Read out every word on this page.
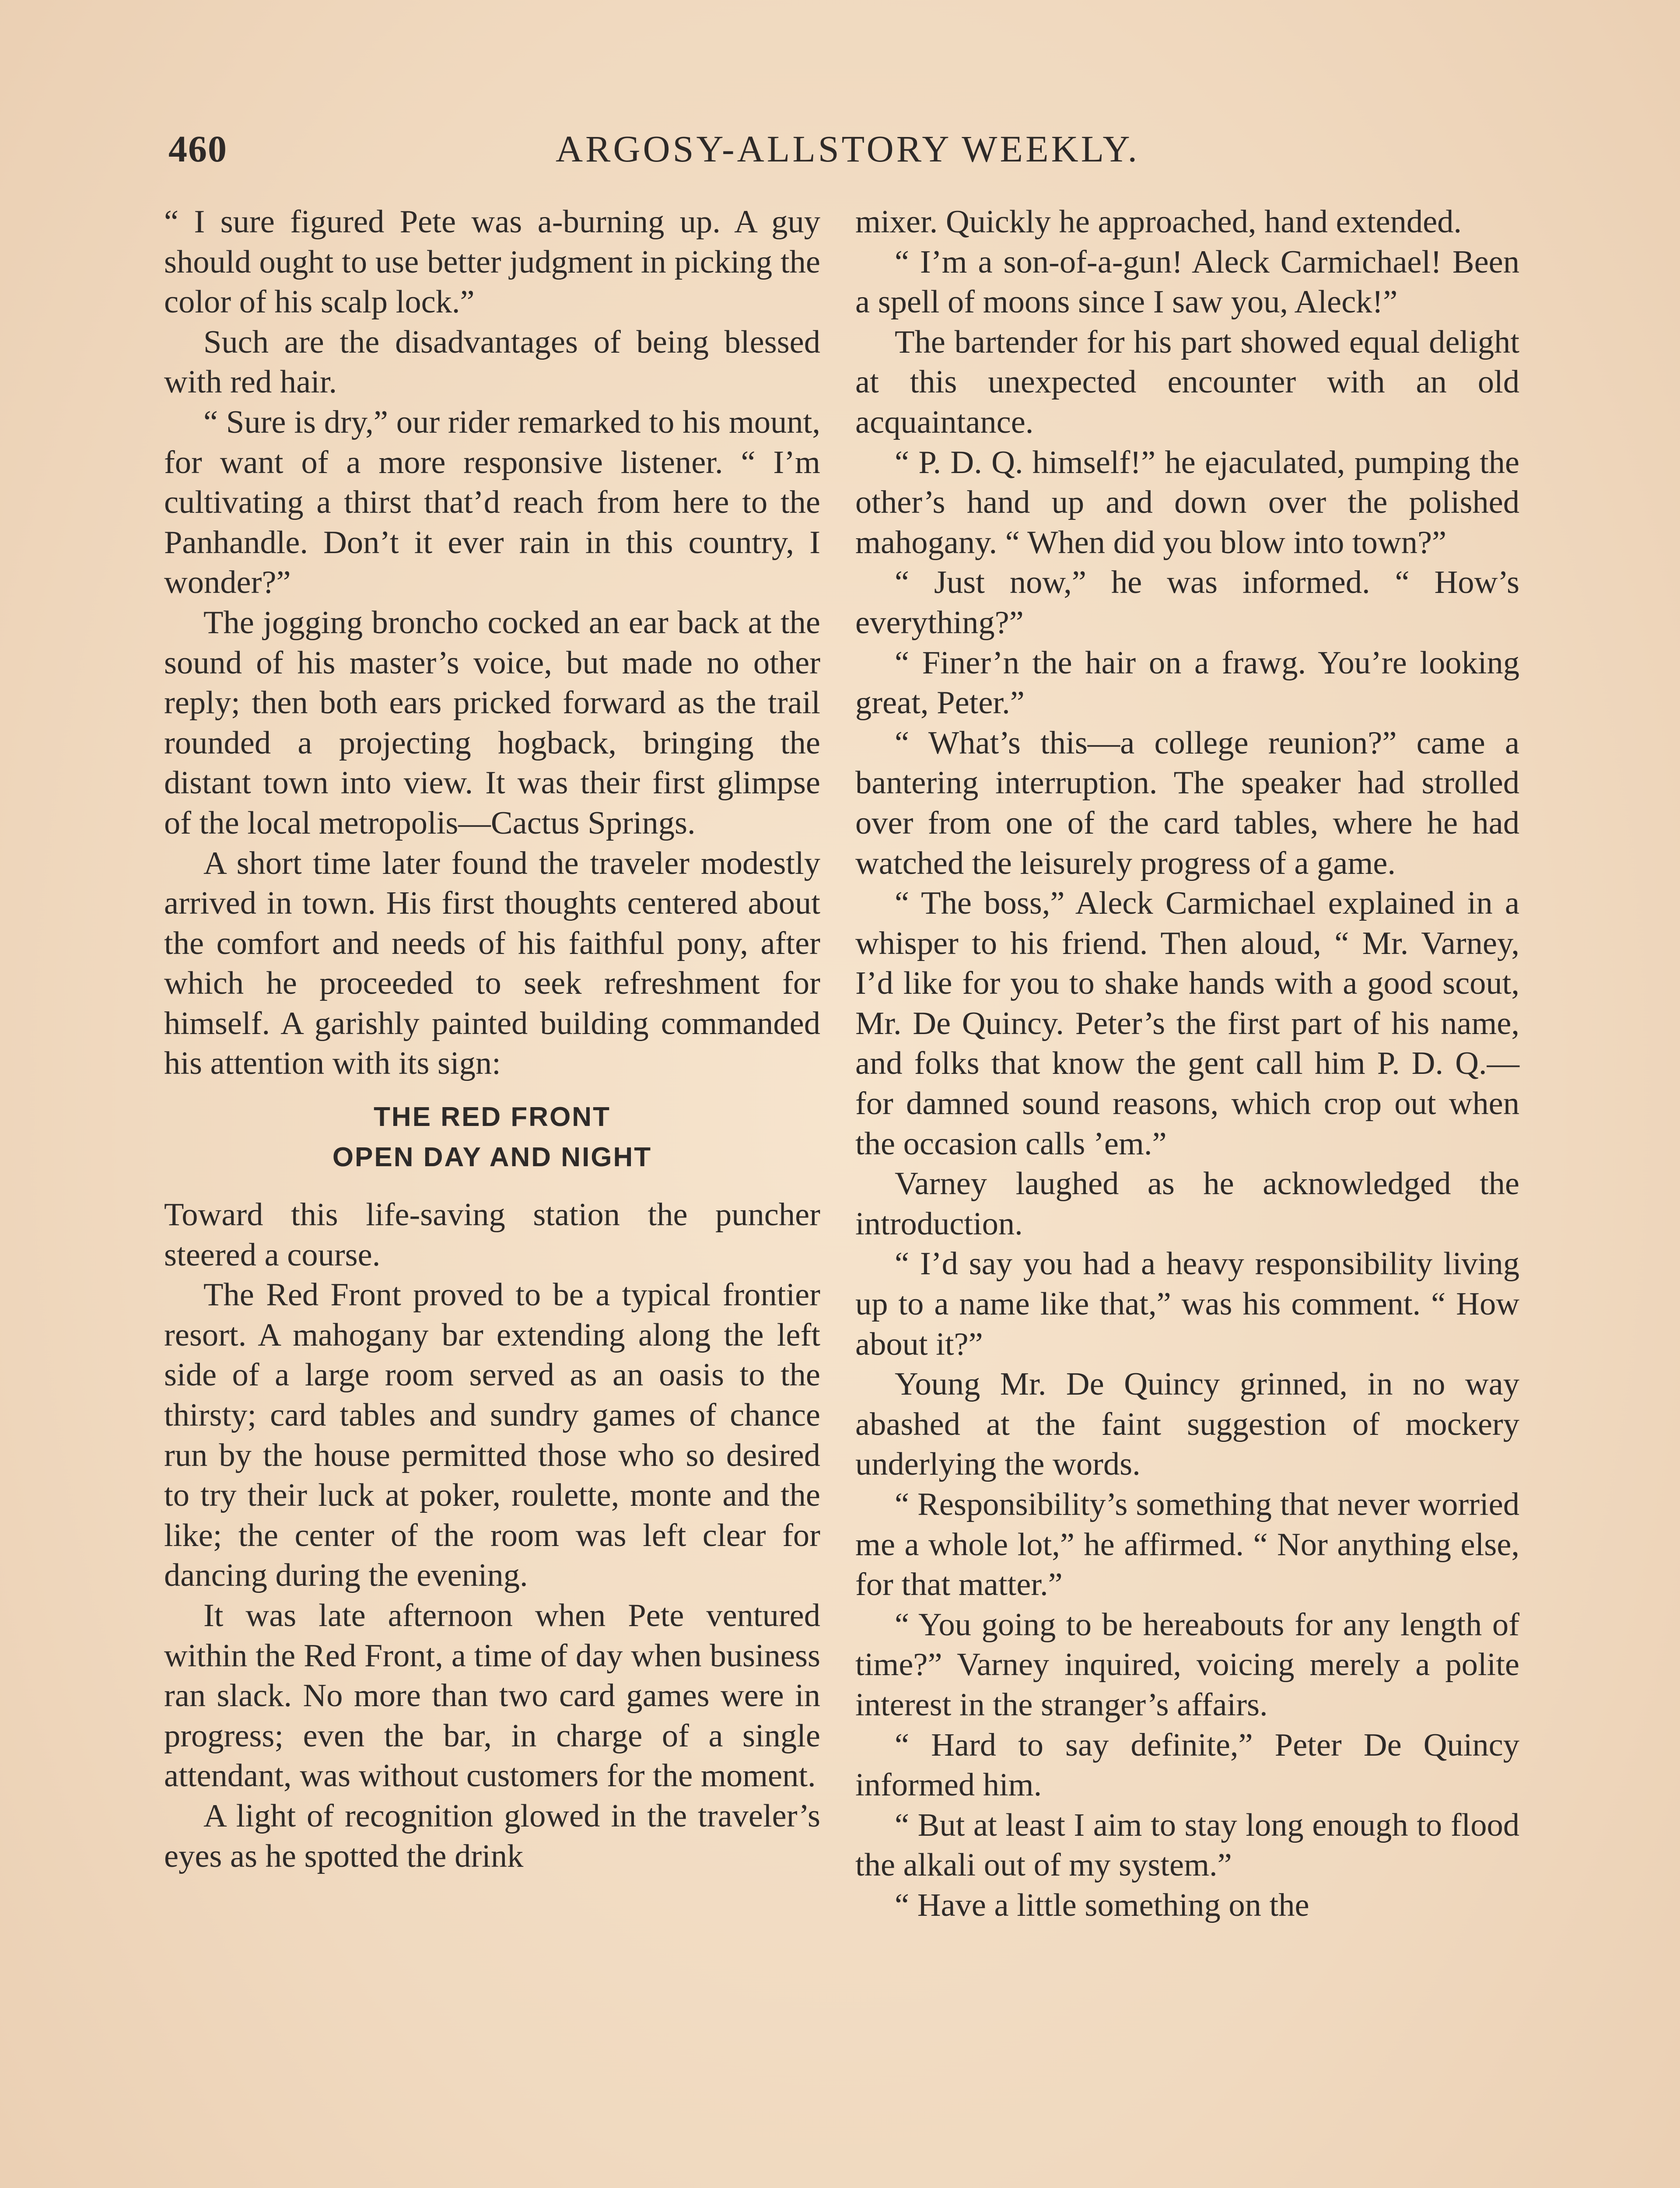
460	ARGOSY-ALLSTORY WEEKLY.

“ I sure figured Pete was a-burning up. A guy should ought to use better judgment in picking the color of his scalp lock.”

Such are the disadvantages of being blessed with red hair.

“ Sure is dry,” our rider remarked to his mount, for want of a more responsive listener. “ I’m cultivating a thirst that’d reach from here to the Panhandle. Don’t it ever rain in this country, I wonder?”

The jogging broncho cocked an ear back at the sound of his master’s voice, but made no other reply; then both ears pricked forward as the trail rounded a projecting hogback, bringing the distant town into view. It was their first glimpse of the local metropolis—Cactus Springs.

A short time later found the traveler modestly arrived in town. His first thoughts centered about the comfort and needs of his faithful pony, after which he proceeded to seek refreshment for himself. A garishly painted building commanded his attention with its sign:

THE RED FRONT
OPEN DAY AND NIGHT

Toward this life-saving station the puncher steered a course.

The Red Front proved to be a typical frontier resort. A mahogany bar extending along the left side of a large room served as an oasis to the thirsty; card tables and sundry games of chance run by the house permitted those who so desired to try their luck at poker, roulette, monte and the like; the center of the room was left clear for dancing during the evening.

It was late afternoon when Pete ventured within the Red Front, a time of day when business ran slack. No more than two card games were in progress; even the bar, in charge of a single attendant, was without customers for the moment.

A light of recognition glowed in the traveler’s eyes as he spotted the drink

mixer. Quickly he approached, hand extended.

“ I’m a son-of-a-gun! Aleck Carmichael! Been a spell of moons since I saw you, Aleck!”

The bartender for his part showed equal delight at this unexpected encounter with an old acquaintance.

“ P. D. Q. himself!” he ejaculated, pumping the other’s hand up and down over the polished mahogany. “ When did you blow into town?”

“ Just now,” he was informed. “ How’s everything?”

“ Finer’n the hair on a frawg. You’re looking great, Peter.”

“ What’s this—a college reunion?” came a bantering interruption. The speaker had strolled over from one of the card tables, where he had watched the leisurely progress of a game.

“ The boss,” Aleck Carmichael explained in a whisper to his friend. Then aloud, “ Mr. Varney, I’d like for you to shake hands with a good scout, Mr. De Quincy. Peter’s the first part of his name, and folks that know the gent call him P. D. Q.—for damned sound reasons, which crop out when the occasion calls ’em.”

Varney laughed as he acknowledged the introduction.

“ I’d say you had a heavy responsibility living up to a name like that,” was his comment. “ How about it?”

Young Mr. De Quincy grinned, in no way abashed at the faint suggestion of mockery underlying the words.

“ Responsibility’s something that never worried me a whole lot,” he affirmed. “ Nor anything else, for that matter.”

“ You going to be hereabouts for any length of time?” Varney inquired, voicing merely a polite interest in the stranger’s affairs.

“ Hard to say definite,” Peter De Quincy informed him.

“ But at least I aim to stay long enough to flood the alkali out of my system.”

“ Have a little something on the
